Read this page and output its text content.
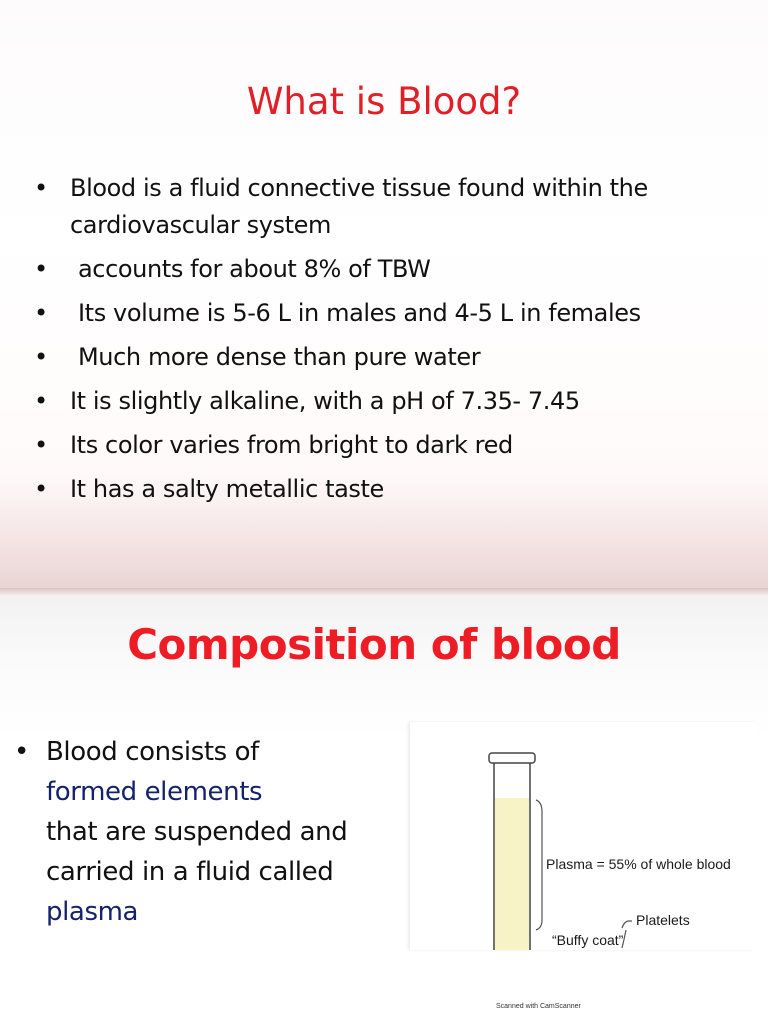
What is Blood?
• Blood is a fluid connective tissue found within the
cardiovascular system
•	accounts for about 8% of TBW
•	Its volume is 5-6 L in males and 4-5 L in females
•	Much more dense than pure water
• It is slightly alkaline, with a pH of 7.35- 7.45
• Its color varies from bright to dark red
• It has a salty metallic taste
Composition of blood
• Blood consists of
formed elements
that are suspended and carried in a fluid called plasma
Plasma = 55% of whole blood
Platelets
“Buffy coat”
Scanned with CamScanner
